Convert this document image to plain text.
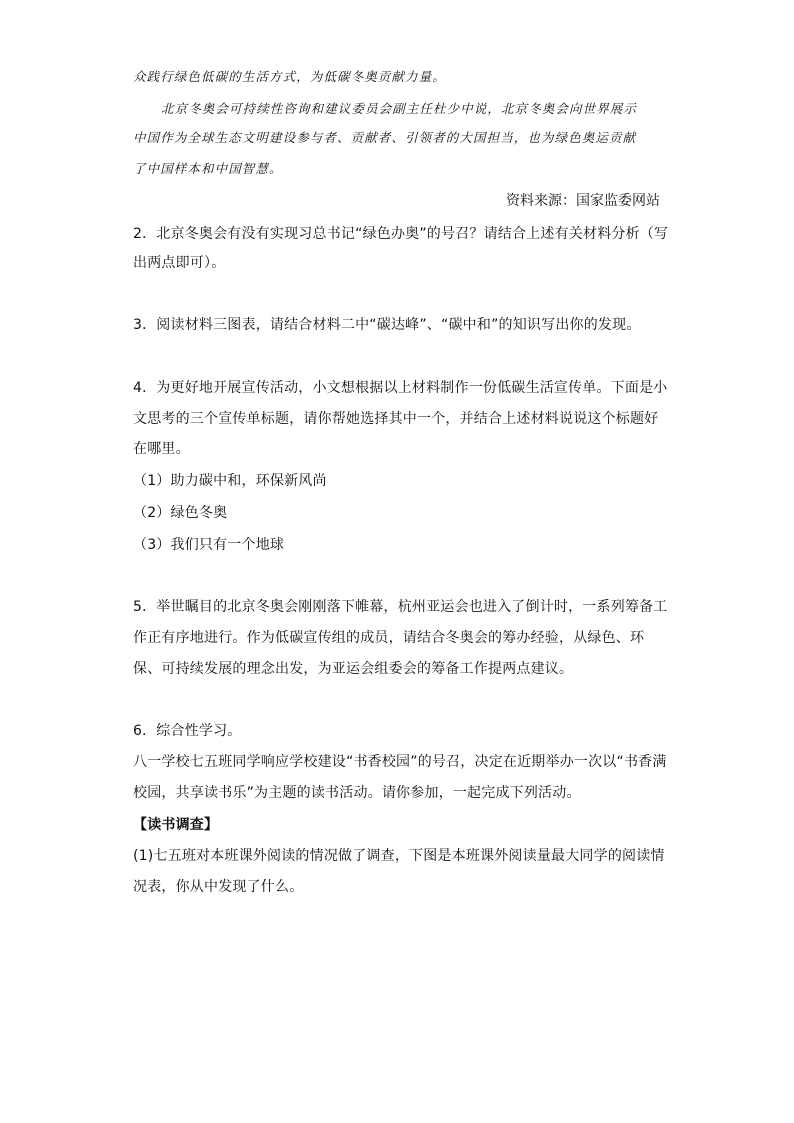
众践行绿色低碳的生活方式，为低碳冬奥贡献力量。
北京冬奥会可持续性咨询和建议委员会副主任杜少中说，北京冬奥会向世界展示
中国作为全球生态文明建设参与者、贡献者、引领者的大国担当，也为绿色奥运贡献
了中国样本和中国智慧。
资料来源：国家监委网站
2．北京冬奥会有没有实现习总书记“绿色办奥”的号召？请结合上述有关材料分析（写
出两点即可）。
3．阅读材料三图表，请结合材料二中“碳达峰”、“碳中和”的知识写出你的发现。
4．为更好地开展宣传活动，小文想根据以上材料制作一份低碳生活宣传单。下面是小
文思考的三个宣传单标题，请你帮她选择其中一个，并结合上述材料说说这个标题好
在哪里。
（1）助力碳中和，环保新风尚
（2）绿色冬奥
（3）我们只有一个地球
5．举世瞩目的北京冬奥会刚刚落下帷幕，杭州亚运会也进入了倒计时，一系列筹备工
作正有序地进行。作为低碳宣传组的成员，请结合冬奥会的筹办经验，从绿色、环
保、可持续发展的理念出发，为亚运会组委会的筹备工作提两点建议。
6．综合性学习。
八一学校七五班同学响应学校建设“书香校园”的号召，决定在近期举办一次以“书香满
校园，共享读书乐”为主题的读书活动。请你参加，一起完成下列活动。
【读书调查】
(1)七五班对本班课外阅读的情况做了调查，下图是本班课外阅读量最大同学的阅读情
况表，你从中发现了什么。
